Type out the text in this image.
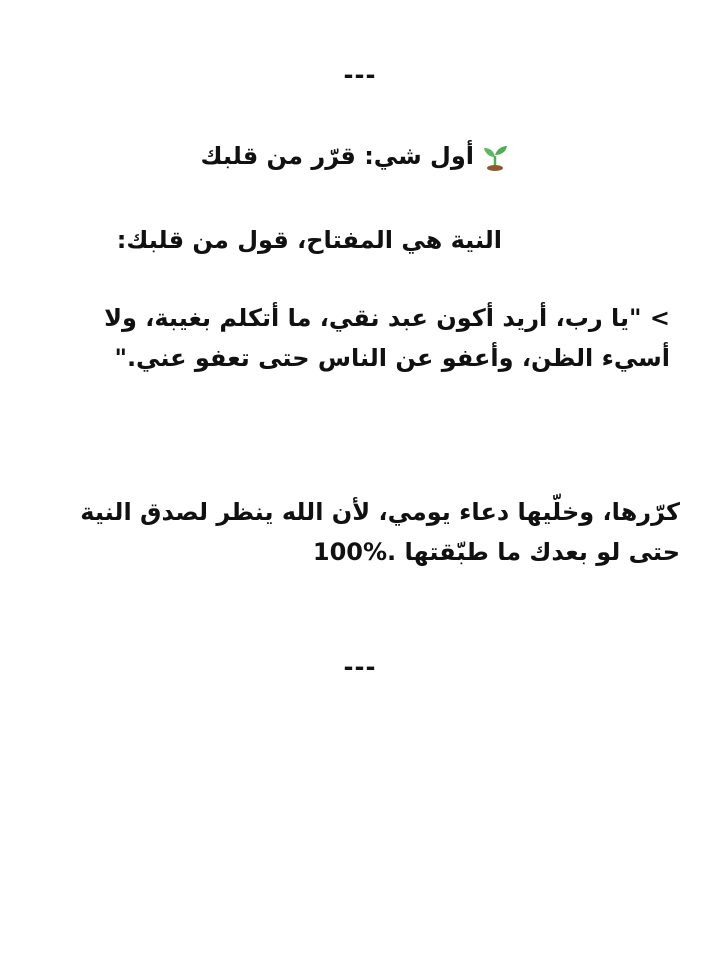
---
أول شي: قرّر من قلبك
النية هي المفتاح، قول من قلبك:
> "يا رب، أريد أكون عبد نقي، ما أتكلم بغيبة، ولا أسيء الظن، وأعفو عن الناس حتى تعفو عني."
كرّرها، وخلّيها دعاء يومي، لأن الله ينظر لصدق النية حتى لو بعدك ما طبّقتها 100%.
---
